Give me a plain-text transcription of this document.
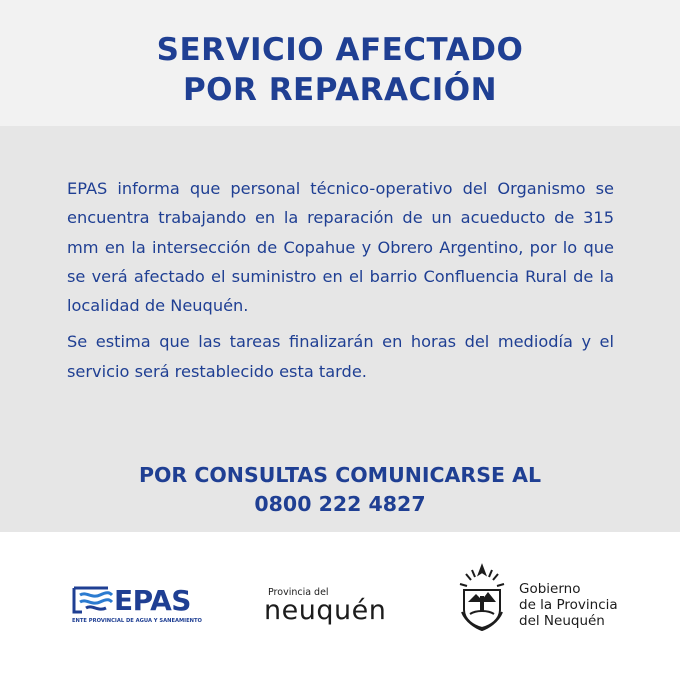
SERVICIO AFECTADO
POR REPARACIÓN

EPAS informa que personal técnico-operativo del Organismo se encuentra trabajando en la reparación de un acueducto de 315 mm en la intersección de Copahue y Obrero Argentino, por lo que se verá afectado el suministro en el barrio Confluencia Rural de la localidad de Neuquén.

Se estima que las tareas finalizarán en horas del mediodía y el servicio será restablecido esta tarde.

POR CONSULTAS COMUNICARSE AL
0800 222 4827
EPAS
ENTE PROVINCIAL DE AGUA Y SANEAMIENTO
Provincia del
neuquén
Gobierno
de la Provincia
del Neuquén
